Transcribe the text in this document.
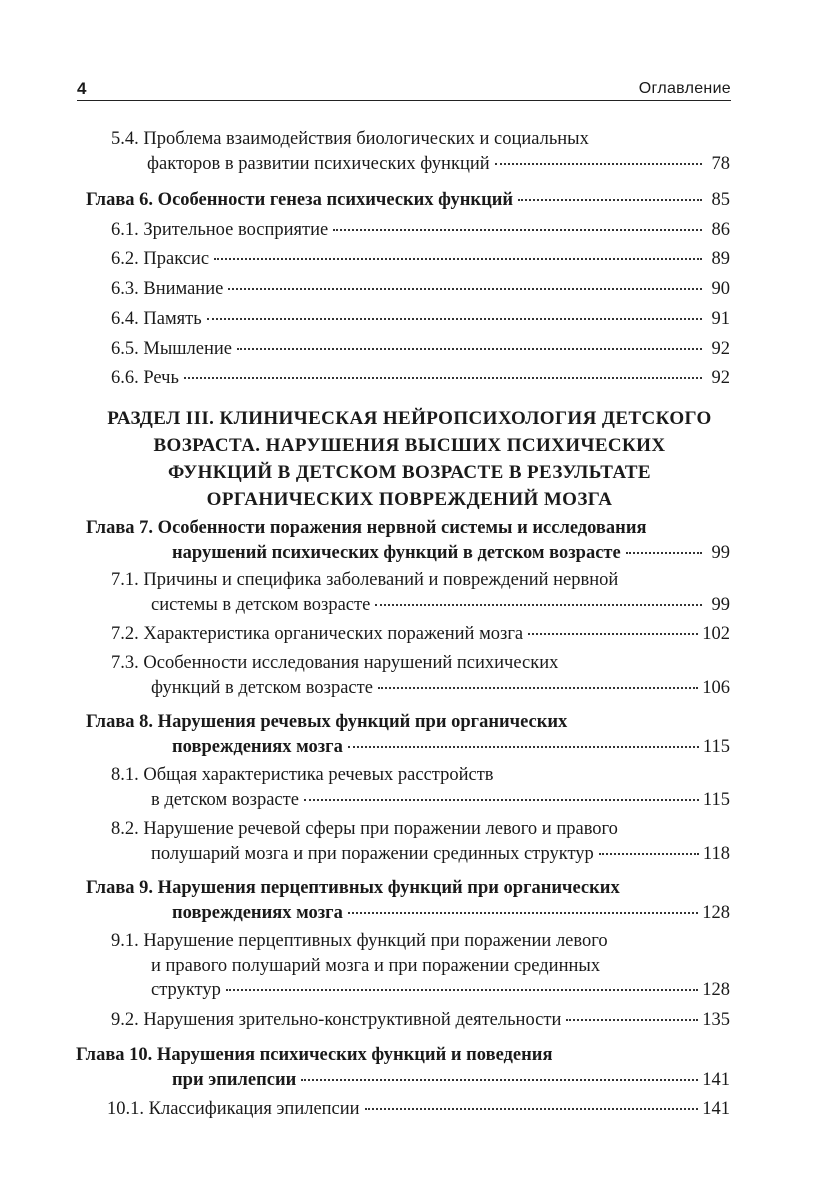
4	Оглавление
5.4. Проблема взаимодействия биологических и социальных
факторов в развитии психических функций	78
Глава 6. Особенности генеза психических функций	85
6.1. Зрительное восприятие	86
6.2. Праксис	89
6.3. Внимание	90
6.4. Память	91
6.5. Мышление	92
6.6. Речь	92
РАЗДЕЛ III. КЛИНИЧЕСКАЯ НЕЙРОПСИХОЛОГИЯ ДЕТСКОГО
ВОЗРАСТА. НАРУШЕНИЯ ВЫСШИХ ПСИХИЧЕСКИХ
ФУНКЦИЙ В ДЕТСКОМ ВОЗРАСТЕ В РЕЗУЛЬТАТЕ
ОРГАНИЧЕСКИХ ПОВРЕЖДЕНИЙ МОЗГА
Глава 7. Особенности поражения нервной системы и исследования
нарушений психических функций в детском возрасте	99
7.1. Причины и специфика заболеваний и повреждений нервной
системы в детском возрасте	99
7.2. Характеристика органических поражений мозга	102
7.3. Особенности исследования нарушений психических
функций в детском возрасте	106
Глава 8. Нарушения речевых функций при органических
повреждениях мозга	115
8.1. Общая характеристика речевых расстройств
в детском возрасте	115
8.2. Нарушение речевой сферы при поражении левого и правого
полушарий мозга и при поражении срединных структур	118
Глава 9. Нарушения перцептивных функций при органических
повреждениях мозга	128
9.1. Нарушение перцептивных функций при поражении левого
и правого полушарий мозга и при поражении срединных
структур	128
9.2. Нарушения зрительно-конструктивной деятельности	135
Глава 10. Нарушения психических функций и поведения
при эпилепсии	141
10.1. Классификация эпилепсии	141
